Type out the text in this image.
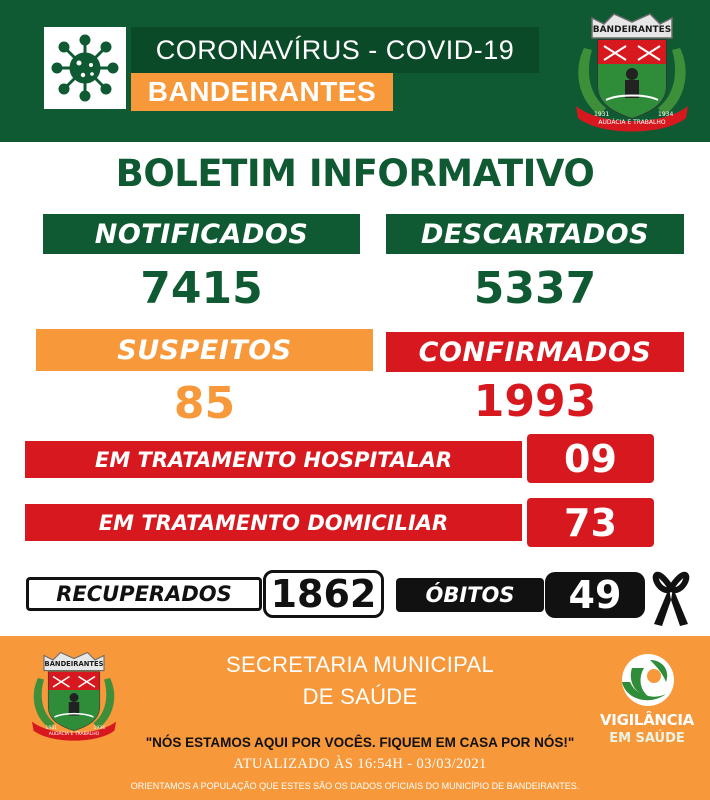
CORONAVÍRUS - COVID-19
BANDEIRANTES
BANDEIRANTES
1931
AUDÁCIA E TRABALHO
1934
BOLETIM INFORMATIVO
NOTIFICADOS
7415
DESCARTADOS
5337
SUSPEITOS
85
CONFIRMADOS
1993
EM TRATAMENTO HOSPITALAR	09
EM TRATAMENTO DOMICILIAR	73
RECUPERADOS	1862	ÓBITOS	49
BANDEIRANTES
1931
AUDÁCIA E TRABALHO
1934
SECRETARIA MUNICIPAL
DE SAÚDE
"NÓS ESTAMOS AQUI POR VOCÊS. FIQUEM EM CASA POR NÓS!"
ATUALIZADO ÀS 16:54H - 03/03/2021
ORIENTAMOS A POPULAÇÃO QUE ESTES SÃO OS DADOS OFICIAIS DO MUNICÍPIO DE BANDEIRANTES.
VIGILÂNCIA
EM SAÚDE
